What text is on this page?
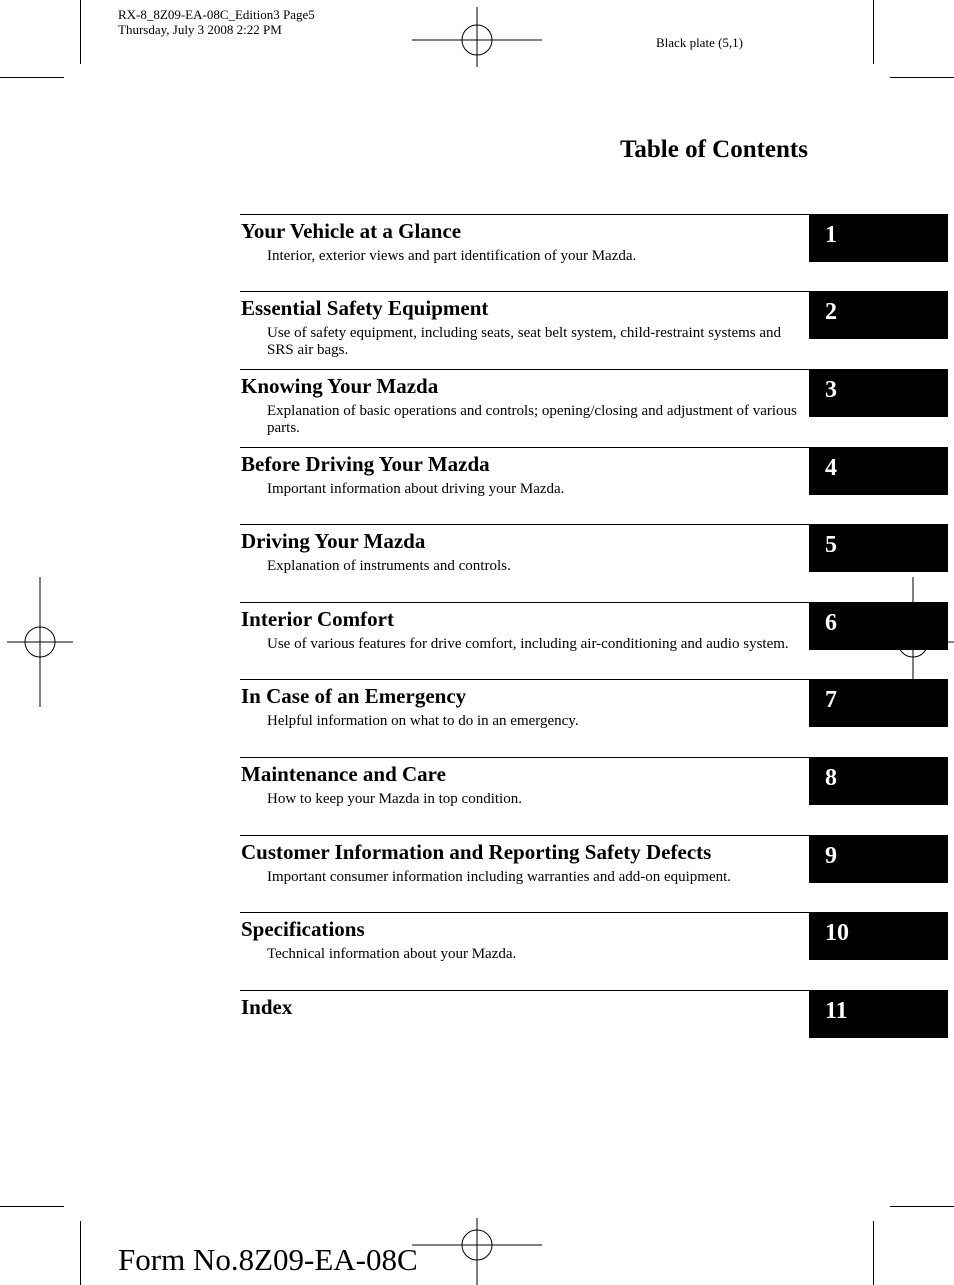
RX-8_8Z09-EA-08C_Edition3 Page5
Thursday, July 3 2008 2:22 PM
Black plate (5,1)
Table of Contents
Your Vehicle at a Glance
Interior, exterior views and part identification of your Mazda.
1
Essential Safety Equipment
Use of safety equipment, including seats, seat belt system, child-restraint systems and SRS air bags.
2
Knowing Your Mazda
Explanation of basic operations and controls; opening/closing and adjustment of various parts.
3
Before Driving Your Mazda
Important information about driving your Mazda.
4
Driving Your Mazda
Explanation of instruments and controls.
5
Interior Comfort
Use of various features for drive comfort, including air-conditioning and audio system.
6
In Case of an Emergency
Helpful information on what to do in an emergency.
7
Maintenance and Care
How to keep your Mazda in top condition.
8
Customer Information and Reporting Safety Defects
Important consumer information including warranties and add-on equipment.
9
Specifications
Technical information about your Mazda.
10
Index	11
Form No.8Z09-EA-08C
